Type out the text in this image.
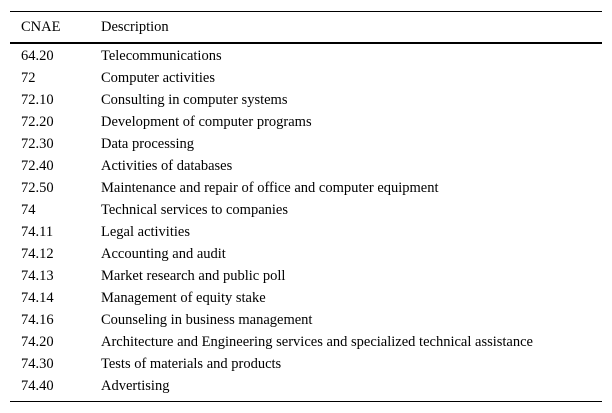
CNAE	Description
64.20	Telecommunications
72	Computer activities
72.10	Consulting in computer systems
72.20	Development of computer programs
72.30	Data processing
72.40	Activities of databases
72.50	Maintenance and repair of office and computer equipment
74	Technical services to companies
74.11	Legal activities
74.12	Accounting and audit
74.13	Market research and public poll
74.14	Management of equity stake
74.16	Counseling in business management
74.20	Architecture and Engineering services and specialized technical assistance
74.30	Tests of materials and products
74.40	Advertising
